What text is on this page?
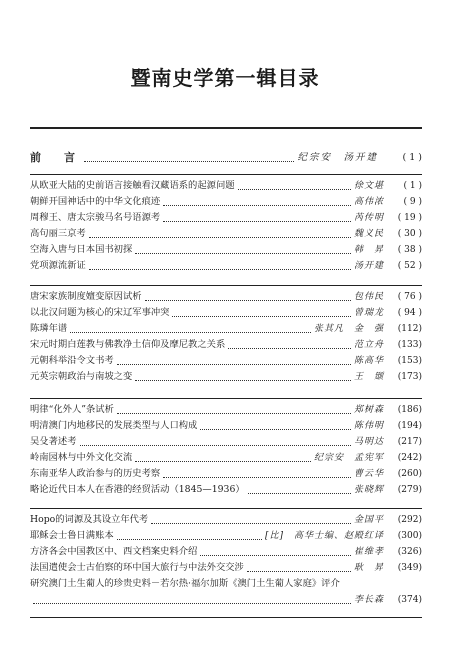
暨南史学第一辑目录
前　言	纪宗安　汤开建	( 1 )
从欧亚大陆的史前语言接触看汉藏语系的起源问题	徐文堪	( 1 )
朝鲜开国神话中的中华文化痕迹	高伟浓	( 9 )
周穆王、唐太宗骏马名号语源考	芮传明	( 19 )
高句丽三京考	魏义民	( 30 )
空海入唐与日本国书初探	韩　昇	( 38 )
党项源流新证	汤开建	( 52 )
唐宋家族制度嬗变原因试析	包伟民	( 76 )
以北汉问题为核心的宋辽军事冲突	曾瑞龙	( 94 )
陈璘年谱	张其凡　金　强	(112)
宋元时期白莲教与佛教净土信仰及摩尼教之关系	范立舟	(133)
元朝科举沿令文书考	陈高华	(153)
元英宗朝政治与南坡之变	王　颋	(173)
明律“化外人”条试析	郑树森	(186)
明清澳门内地移民的发展类型与人口构成	陈伟明	(194)
吴殳著述考	马明达	(217)
岭南园林与中外文化交流	纪宗安　孟宪军	(242)
东南亚华人政治参与的历史考察	曹云华	(260)
略论近代日本人在香港的经贸活动（1845—1936）	张晓辉	(279)
Hopo的词源及其设立年代考	金国平	(292)
耶稣会士鲁日满账本	[比]　高华士编、赵殿红译	(300)
方济各会中国教区中、西文档案史料介绍	崔维孝	(326)
法国遣使会士古伯察的环中国大旅行与中法外交交涉	耿　昇	(349)
研究澳门土生葡人的珍贵史料－若尔热·福尔加斯《澳门土生葡人家庭》评介
李长森	(374)
